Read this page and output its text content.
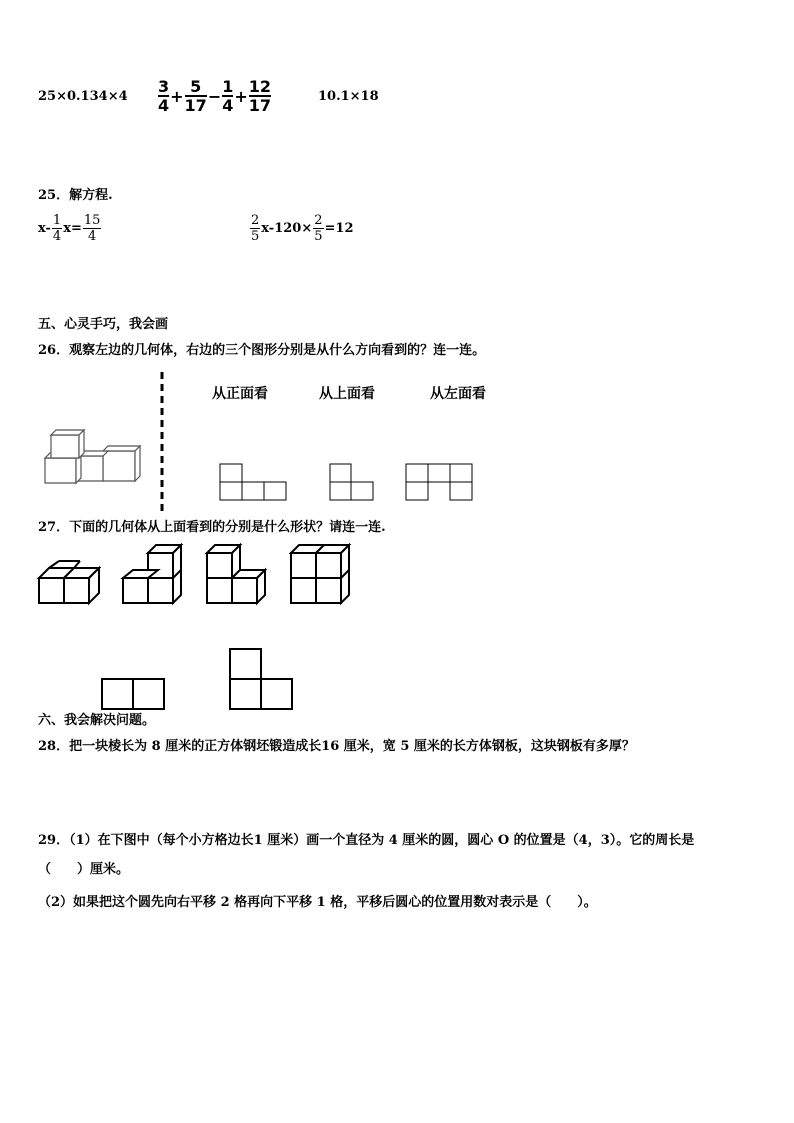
25×0.134×4
3
4 + 5
17 − 1
4 + 12
17	10.1×18
25．解方程.
$x- \frac{1}{4} x= \frac{15}{4}$	$\frac{2}{5} x-120\times \frac{2}{5} =12$
五、心灵手巧，我会画
26．观察左边的几何体，右边的三个图形分别是从什么方向看到的？连一连。
从正面看	从上面看	从左面看
27．下面的几何体从上面看到的分别是什么形状？请连一连.
六、我会解决问题。
28．把一块棱长为 8 厘米的正方体钢坯锻造成长16 厘米，宽 5 厘米的长方体钢板，这块钢板有多厚？
29．（1）在下图中（每个小方格边长1 厘米）画一个直径为 4 厘米的圆，圆心 O 的位置是（4，3）。它的周长是
（　　）厘米。
（2）如果把这个圆先向右平移 2 格再向下平移 1 格，平移后圆心的位置用数对表示是（　　）。
